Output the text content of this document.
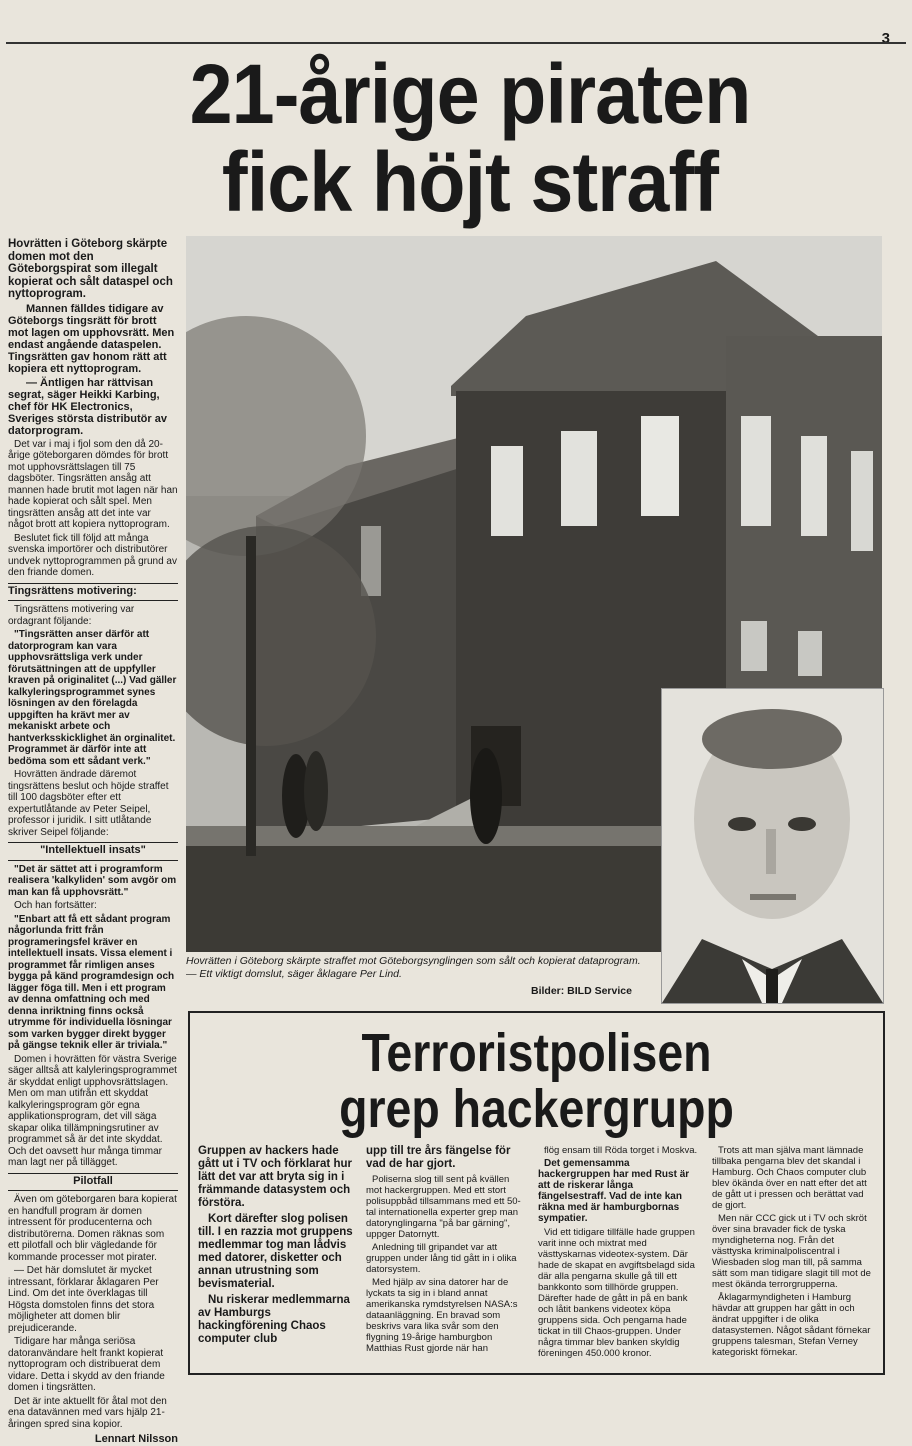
3
21-årige piraten
fick höjt straff
Hovrätten i Göteborg skärpte domen mot den Göteborgspirat som illegalt kopierat och sålt dataspel och nyttoprogram.
Mannen fälldes tidigare av Göteborgs tingsrätt för brott mot lagen om upphovsrätt. Men endast angående dataspelen. Tingsrätten gav honom rätt att kopiera ett nyttoprogram.
— Äntligen har rättvisan segrat, säger Heikki Karbing, chef för HK Electronics, Sveriges största distributör av datorprogram.

Det var i maj i fjol som den då 20-årige göteborgaren dömdes för brott mot upphovsrättslagen till 75 dagsböter. Tingsrätten ansåg att mannen hade brutit mot lagen när han hade kopierat och sålt spel. Men tingsrätten ansåg att det inte var något brott att kopiera nyttoprogram.

Beslutet fick till följd att många svenska importörer och distributörer undvek nyttoprogrammen på grund av den friande domen.

Tingsrättens motivering:

Tingsrättens motivering var ordagrant följande:

"Tingsrätten anser därför att datorprogram kan vara upphovsrättsliga verk under förutsättningen att de uppfyller kraven på originalitet (...) Vad gäller kalkyleringsprogrammet synes lösningen av den förelagda uppgiften ha krävt mer av mekaniskt arbete och hantverksskicklighet än orginalitet. Programmet är därför inte att bedöma som ett sådant verk."

Hovrätten ändrade däremot tingsrättens beslut och höjde straffet till 100 dagsböter efter ett expertutlåtande av Peter Seipel, professor i juridik. I sitt utlåtande skriver Seipel följande:

"Intellektuell insats"

"Det är sättet att i programform realisera 'kalkyliden' som avgör om man kan få upphovsrätt."

Och han fortsätter:

"Enbart att få ett sådant program någorlunda fritt från programeringsfel kräver en intellektuell insats. Vissa element i programmet får rimligen anses bygga på känd programdesign och lägger föga till. Men i ett program av denna omfattning och med denna inriktning finns också utrymme för individuella lösningar som varken bygger direkt bygger på gängse teknik eller är triviala."

Domen i hovrätten för västra Sverige säger alltså att kalyleringsprogrammet är skyddat enligt upphovsrättslagen. Men om man utifrån ett skyddat kalkyleringsprogram gör egna applikationsprogram, det vill säga skapar olika tillämpningsrutiner av programmet så är det inte skyddat. Och det oavsett hur många timmar man lagt ner på tillägget.

Pilotfall

Även om göteborgaren bara kopierat en handfull program är domen intressent för producenterna och distributörerna. Domen räknas som ett pilotfall och blir vägledande för kommande processer mot pirater.

— Det här domslutet är mycket intressant, förklarar åklagaren Per Lind. Om det inte överklagas till Högsta domstolen finns det stora möjligheter att domen blir prejudicerande.

Tidigare har många seriösa datoranvändare helt frankt kopierat nyttoprogram och distribuerat dem vidare. Detta i skydd av den friande domen i tingsrätten.

Det är inte aktuellt för åtal mot den ena datavännen med vars hjälp 21-åringen spred sina kopior.

Lennart Nilsson
Hovrätten i Göteborg skärpte straffet mot Göteborgsynglingen som sålt och kopierat dataprogram.
— Ett viktigt domslut, säger åklagare Per Lind.
Bilder: BILD Service
Terroristpolisen
grep hackergrupp
Gruppen av hackers hade gått ut i TV och förklarat hur lätt det var att bryta sig in i främmande datasystem och förstöra.
Kort därefter slog polisen till. I en razzia mot gruppens medlemmar tog man lådvis med datorer, disketter och annan utrustning som bevismaterial.
Nu riskerar medlemmarna av Hamburgs hackingförening Chaos computer club
upp till tre års fängelse för vad de har gjort.

Poliserna slog till sent på kvällen mot hackergruppen. Med ett stort polisuppbåd tillsammans med ett 50-tal internationella experter grep man datorynglingarna "på bar gärning", uppger Datornytt.

Anledning till gripandet var att gruppen under lång tid gått in i olika datorsystem.

Med hjälp av sina datorer har de lyckats ta sig in i bland annat amerikanska rymdstyrelsen NASA:s dataanläggning. En bravad som beskrivs vara lika svår som den flygning 19-årige hamburgbon Matthias Rust gjorde när han

flög ensam till Röda torget i Moskva.

Det gemensamma hackergruppen har med Rust är att de riskerar långa fängelsestraff. Vad de inte kan räkna med är hamburgbornas sympatier.

Vid ett tidigare tillfälle hade gruppen varit inne och mixtrat med västtyskarnas videotex-system. Där hade de skapat en avgiftsbelagd sida där alla pengarna skulle gå till ett bankkonto som tillhörde gruppen. Därefter hade de gått in på en bank och låtit bankens videotex köpa gruppens sida. Och pengarna hade tickat in till Chaos-gruppen. Under några timmar blev banken skyldig föreningen 450.000 kronor.

Trots att man själva mant lämnade tillbaka pengarna blev det skandal i Hamburg. Och Chaos computer club blev ökända över en natt efter det att de gått ut i pressen och berättat vad de gjort.

Men när CCC gick ut i TV och skröt över sina bravader fick de tyska myndigheterna nog. Från det västtyska kriminalpoliscentral i Wiesbaden slog man till, på samma sätt som man tidigare slagit till mot de mest ökända terrorgrupperna.

Åklagarmyndigheten i Hamburg hävdar att gruppen har gått in och ändrat uppgifter i de olika datasystemen. Något sådant förnekar gruppens talesman, Stefan Verney kategoriskt förnekar.
